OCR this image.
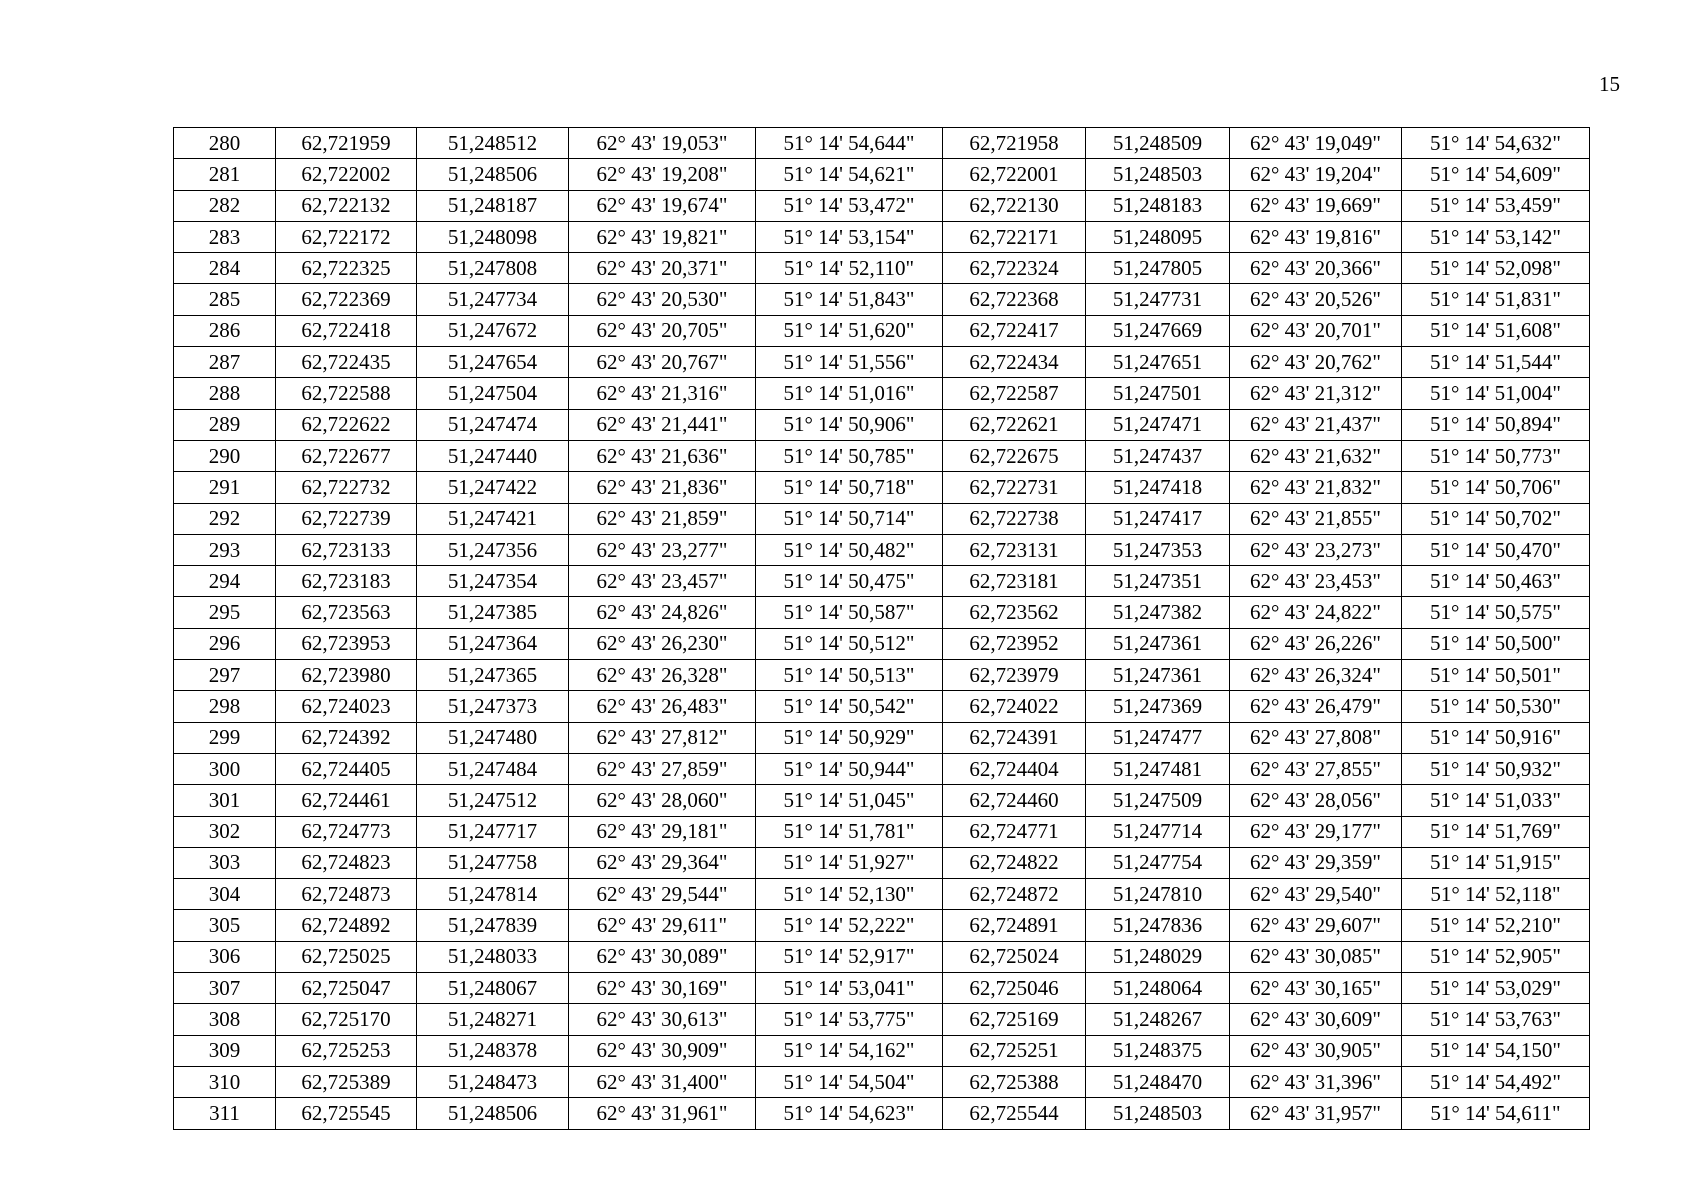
15
280	62,721959	51,248512	62° 43' 19,053"	51° 14' 54,644"	62,721958	51,248509	62° 43' 19,049"	51° 14' 54,632"
281	62,722002	51,248506	62° 43' 19,208"	51° 14' 54,621"	62,722001	51,248503	62° 43' 19,204"	51° 14' 54,609"
282	62,722132	51,248187	62° 43' 19,674"	51° 14' 53,472"	62,722130	51,248183	62° 43' 19,669"	51° 14' 53,459"
283	62,722172	51,248098	62° 43' 19,821"	51° 14' 53,154"	62,722171	51,248095	62° 43' 19,816"	51° 14' 53,142"
284	62,722325	51,247808	62° 43' 20,371"	51° 14' 52,110"	62,722324	51,247805	62° 43' 20,366"	51° 14' 52,098"
285	62,722369	51,247734	62° 43' 20,530"	51° 14' 51,843"	62,722368	51,247731	62° 43' 20,526"	51° 14' 51,831"
286	62,722418	51,247672	62° 43' 20,705"	51° 14' 51,620"	62,722417	51,247669	62° 43' 20,701"	51° 14' 51,608"
287	62,722435	51,247654	62° 43' 20,767"	51° 14' 51,556"	62,722434	51,247651	62° 43' 20,762"	51° 14' 51,544"
288	62,722588	51,247504	62° 43' 21,316"	51° 14' 51,016"	62,722587	51,247501	62° 43' 21,312"	51° 14' 51,004"
289	62,722622	51,247474	62° 43' 21,441"	51° 14' 50,906"	62,722621	51,247471	62° 43' 21,437"	51° 14' 50,894"
290	62,722677	51,247440	62° 43' 21,636"	51° 14' 50,785"	62,722675	51,247437	62° 43' 21,632"	51° 14' 50,773"
291	62,722732	51,247422	62° 43' 21,836"	51° 14' 50,718"	62,722731	51,247418	62° 43' 21,832"	51° 14' 50,706"
292	62,722739	51,247421	62° 43' 21,859"	51° 14' 50,714"	62,722738	51,247417	62° 43' 21,855"	51° 14' 50,702"
293	62,723133	51,247356	62° 43' 23,277"	51° 14' 50,482"	62,723131	51,247353	62° 43' 23,273"	51° 14' 50,470"
294	62,723183	51,247354	62° 43' 23,457"	51° 14' 50,475"	62,723181	51,247351	62° 43' 23,453"	51° 14' 50,463"
295	62,723563	51,247385	62° 43' 24,826"	51° 14' 50,587"	62,723562	51,247382	62° 43' 24,822"	51° 14' 50,575"
296	62,723953	51,247364	62° 43' 26,230"	51° 14' 50,512"	62,723952	51,247361	62° 43' 26,226"	51° 14' 50,500"
297	62,723980	51,247365	62° 43' 26,328"	51° 14' 50,513"	62,723979	51,247361	62° 43' 26,324"	51° 14' 50,501"
298	62,724023	51,247373	62° 43' 26,483"	51° 14' 50,542"	62,724022	51,247369	62° 43' 26,479"	51° 14' 50,530"
299	62,724392	51,247480	62° 43' 27,812"	51° 14' 50,929"	62,724391	51,247477	62° 43' 27,808"	51° 14' 50,916"
300	62,724405	51,247484	62° 43' 27,859"	51° 14' 50,944"	62,724404	51,247481	62° 43' 27,855"	51° 14' 50,932"
301	62,724461	51,247512	62° 43' 28,060"	51° 14' 51,045"	62,724460	51,247509	62° 43' 28,056"	51° 14' 51,033"
302	62,724773	51,247717	62° 43' 29,181"	51° 14' 51,781"	62,724771	51,247714	62° 43' 29,177"	51° 14' 51,769"
303	62,724823	51,247758	62° 43' 29,364"	51° 14' 51,927"	62,724822	51,247754	62° 43' 29,359"	51° 14' 51,915"
304	62,724873	51,247814	62° 43' 29,544"	51° 14' 52,130"	62,724872	51,247810	62° 43' 29,540"	51° 14' 52,118"
305	62,724892	51,247839	62° 43' 29,611"	51° 14' 52,222"	62,724891	51,247836	62° 43' 29,607"	51° 14' 52,210"
306	62,725025	51,248033	62° 43' 30,089"	51° 14' 52,917"	62,725024	51,248029	62° 43' 30,085"	51° 14' 52,905"
307	62,725047	51,248067	62° 43' 30,169"	51° 14' 53,041"	62,725046	51,248064	62° 43' 30,165"	51° 14' 53,029"
308	62,725170	51,248271	62° 43' 30,613"	51° 14' 53,775"	62,725169	51,248267	62° 43' 30,609"	51° 14' 53,763"
309	62,725253	51,248378	62° 43' 30,909"	51° 14' 54,162"	62,725251	51,248375	62° 43' 30,905"	51° 14' 54,150"
310	62,725389	51,248473	62° 43' 31,400"	51° 14' 54,504"	62,725388	51,248470	62° 43' 31,396"	51° 14' 54,492"
311	62,725545	51,248506	62° 43' 31,961"	51° 14' 54,623"	62,725544	51,248503	62° 43' 31,957"	51° 14' 54,611"
